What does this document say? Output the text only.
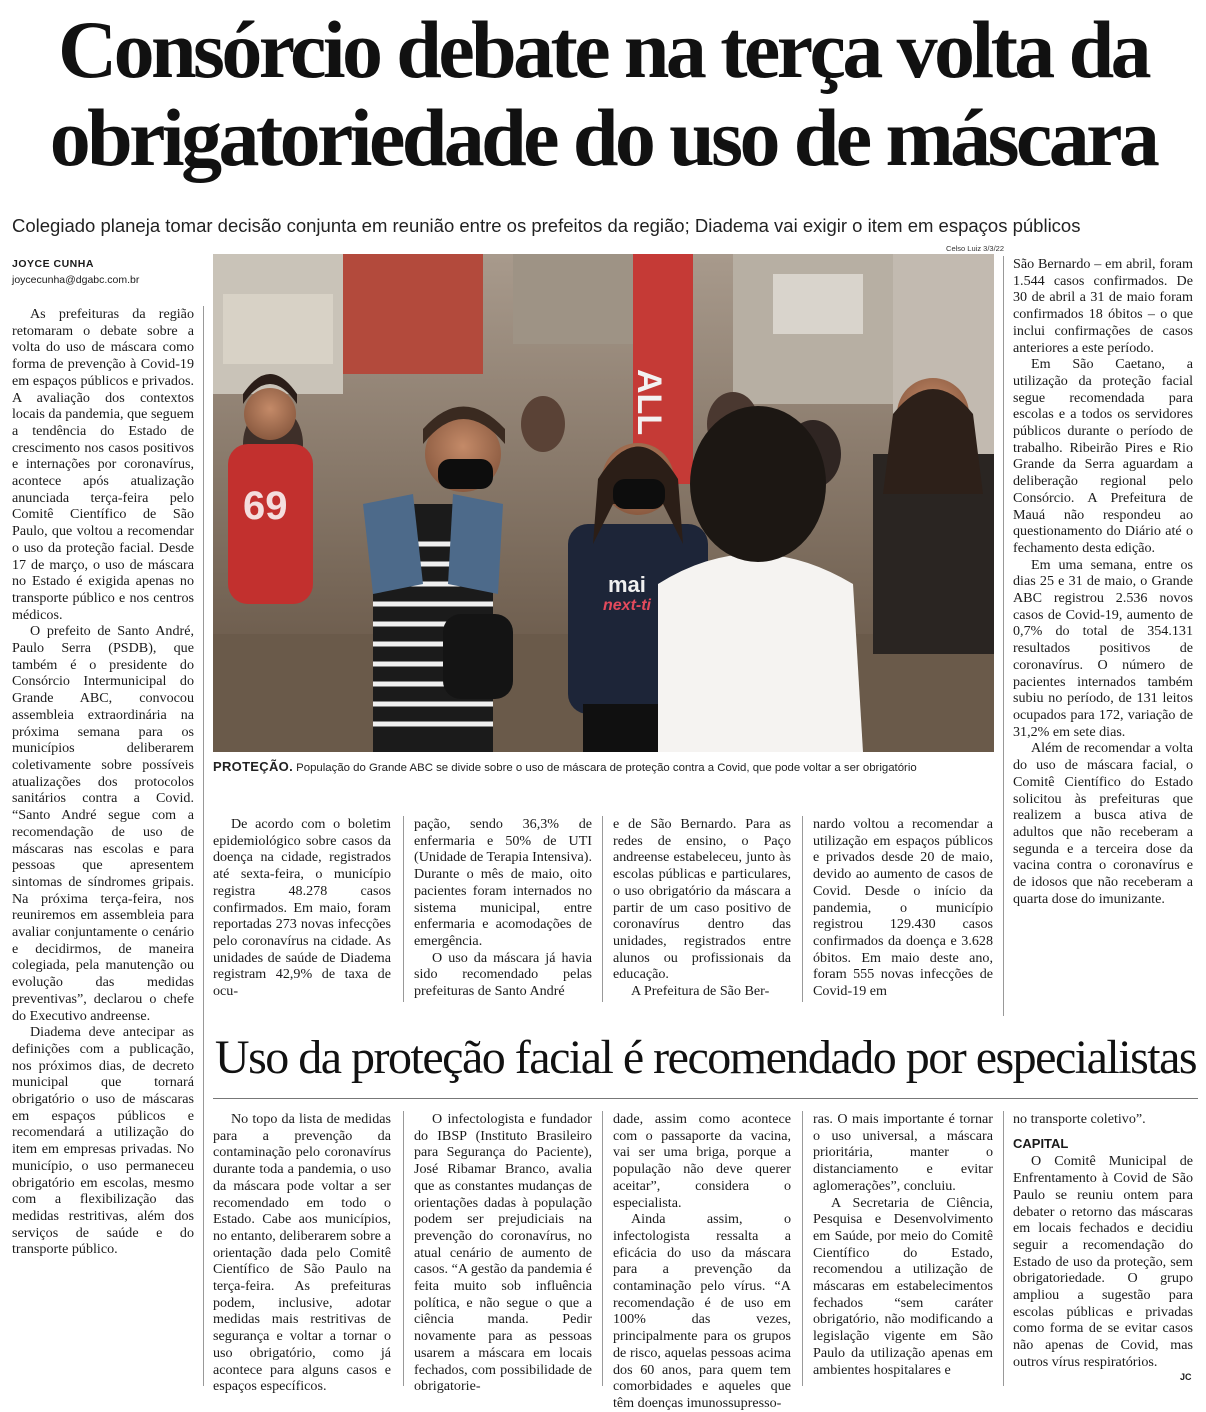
Consórcio debate na terça volta da
obrigatoriedade do uso de máscara
Colegiado planeja tomar decisão conjunta em reunião entre os prefeitos da região; Diadema vai exigir o item em espaços públicos
JOYCE CUNHA
joycecunha@dgabc.com.br

As prefeituras da região retomaram o debate sobre a volta do uso de máscara como forma de prevenção à Covid-19 em espaços públicos e privados. A avaliação dos contextos locais da pandemia, que seguem a tendência do Estado de crescimento nos casos positivos e internações por coronavírus, acontece após atualização anunciada terça-feira pelo Comitê Científico de São Paulo, que voltou a recomendar o uso da proteção facial. Desde 17 de março, o uso de máscara no Estado é exigida apenas no transporte público e nos centros médicos.

O prefeito de Santo André, Paulo Serra (PSDB), que também é o presidente do Consórcio Intermunicipal do Grande ABC, convocou assembleia extraordinária na próxima semana para os municípios deliberarem coletivamente sobre possíveis atualizações dos protocolos sanitários contra a Covid. “Santo André segue com a recomendação de uso de máscaras nas escolas e para pessoas que apresentem sintomas de síndromes gripais. Na próxima terça-feira, nos reuniremos em assembleia para avaliar conjuntamente o cenário e decidirmos, de maneira colegiada, pela manutenção ou evolução das medidas preventivas”, declarou o chefe do Executivo andreense.

Diadema deve antecipar as definições com a publicação, nos próximos dias, de decreto municipal que tornará obrigatório o uso de máscaras em espaços públicos e recomendará a utilização do item em empresas privadas. No município, o uso permaneceu obrigatório em escolas, mesmo com a flexibilização das medidas restritivas, além dos serviços de saúde e do transporte público.

Celso Luiz 3/3/22
ALL
69
mai
next-ti
PROTEÇÃO. População do Grande ABC se divide sobre o uso de máscara de proteção contra a Covid, que pode voltar a ser obrigatório

De acordo com o boletim epidemiológico sobre casos da doença na cidade, registrados até sexta-feira, o município registra 48.278 casos confirmados. Em maio, foram reportadas 273 novas infecções pelo coronavírus na cidade. As unidades de saúde de Diadema registram 42,9% de taxa de ocu-

pação, sendo 36,3% de enfermaria e 50% de UTI (Unidade de Terapia Intensiva). Durante o mês de maio, oito pacientes foram internados no sistema municipal, entre enfermaria e acomodações de emergência.

O uso da máscara já havia sido recomendado pelas prefeituras de Santo André

e de São Bernardo. Para as redes de ensino, o Paço andreense estabeleceu, junto às escolas públicas e particulares, o uso obrigatório da máscara a partir de um caso positivo de coronavírus dentro das unidades, registrados entre alunos ou profissionais da educação.

A Prefeitura de São Ber-

nardo voltou a recomendar a utilização em espaços públicos e privados desde 20 de maio, devido ao aumento de casos de Covid. Desde o início da pandemia, o município registrou 129.430 casos confirmados da doença e 3.628 óbitos. Em maio deste ano, foram 555 novas infecções de Covid-19 em

São Bernardo – em abril, foram 1.544 casos confirmados. De 30 de abril a 31 de maio foram confirmados 18 óbitos – o que inclui confirmações de casos anteriores a este período.

Em São Caetano, a utilização da proteção facial segue recomendada para escolas e a todos os servidores públicos durante o período de trabalho. Ribeirão Pires e Rio Grande da Serra aguardam a deliberação regional pelo Consórcio. A Prefeitura de Mauá não respondeu ao questionamento do Diário até o fechamento desta edição.

Em uma semana, entre os dias 25 e 31 de maio, o Grande ABC registrou 2.536 novos casos de Covid-19, aumento de 0,7% do total de 354.131 resultados positivos de coronavírus. O número de pacientes internados também subiu no período, de 131 leitos ocupados para 172, variação de 31,2% em sete dias.

Além de recomendar a volta do uso de máscara facial, o Comitê Científico do Estado solicitou às prefeituras que realizem a busca ativa de adultos que não receberam a segunda e a terceira dose da vacina contra o coronavírus e de idosos que não receberam a quarta dose do imunizante.

Uso da proteção facial é recomendado por especialistas

No topo da lista de medidas para a prevenção da contaminação pelo coronavírus durante toda a pandemia, o uso da máscara pode voltar a ser recomendado em todo o Estado. Cabe aos municípios, no entanto, deliberarem sobre a orientação dada pelo Comitê Científico de São Paulo na terça-feira. As prefeituras podem, inclusive, adotar medidas mais restritivas de segurança e voltar a tornar o uso obrigatório, como já acontece para alguns casos e espaços específicos.

O infectologista e fundador do IBSP (Instituto Brasileiro para Segurança do Paciente), José Ribamar Branco, avalia que as constantes mudanças de orientações dadas à população podem ser prejudiciais na prevenção do coronavírus, no atual cenário de aumento de casos. “A gestão da pandemia é feita muito sob influência política, e não segue o que a ciência manda. Pedir novamente para as pessoas usarem a máscara em locais fechados, com possibilidade de obrigatorie-

dade, assim como acontece com o passaporte da vacina, vai ser uma briga, porque a população não deve querer aceitar”, considera o especialista.

Ainda assim, o infectologista ressalta a eficácia do uso da máscara para a prevenção da contaminação pelo vírus. “A recomendação é de uso em 100% das vezes, principalmente para os grupos de risco, aquelas pessoas acima dos 60 anos, para quem tem comorbidades e aqueles que têm doenças imunossupresso-

ras. O mais importante é tornar o uso universal, a máscara prioritária, manter o distanciamento e evitar aglomerações”, concluiu.

A Secretaria de Ciência, Pesquisa e Desenvolvimento em Saúde, por meio do Comitê Científico do Estado, recomendou a utilização de máscaras em estabelecimentos fechados “sem caráter obrigatório, não modificando a legislação vigente em São Paulo da utilização apenas em ambientes hospitalares e

no transporte coletivo”.

CAPITAL

O Comitê Municipal de Enfrentamento à Covid de São Paulo se reuniu ontem para debater o retorno das máscaras em locais fechados e decidiu seguir a recomendação do Estado de uso da proteção, sem obrigatoriedade. O grupo ampliou a sugestão para escolas públicas e privadas como forma de se evitar casos não apenas de Covid, mas outros vírus respiratórios.

JC
